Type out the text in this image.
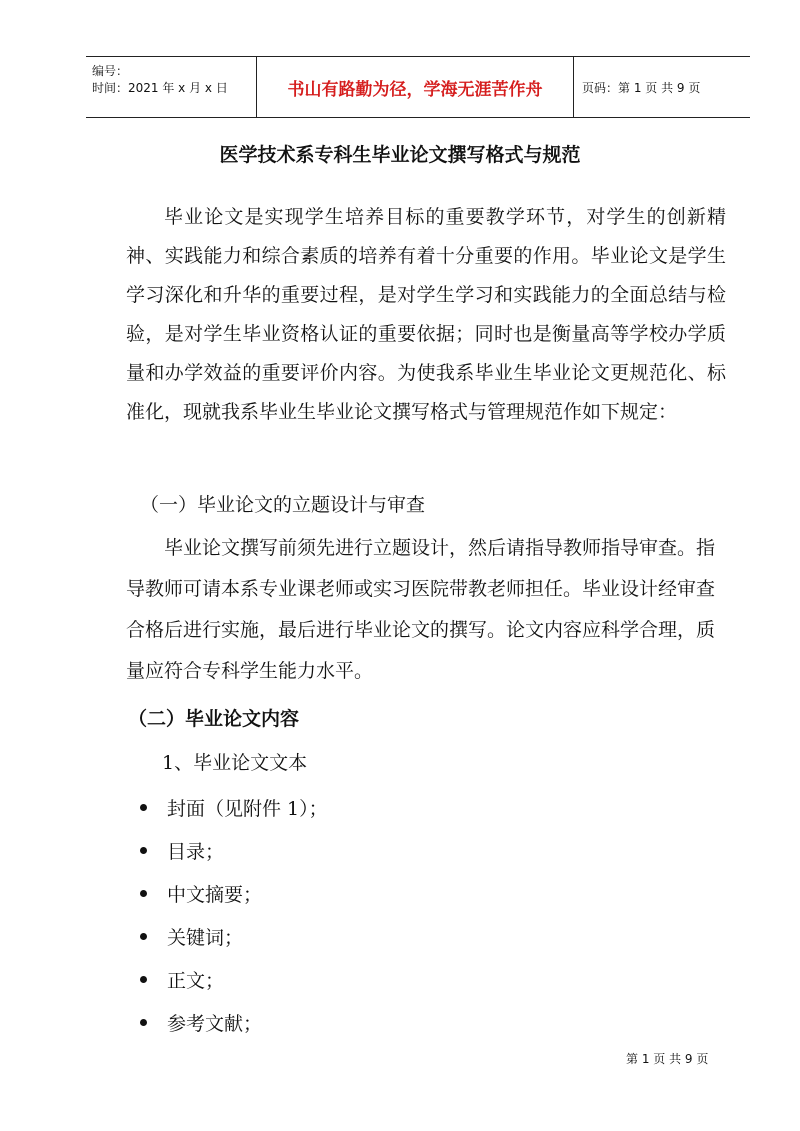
编号：
时间：2021 年 x 月 x 日	书山有路勤为径，学海无涯苦作舟	页码：第 1 页 共 9 页
医学技术系专科生毕业论文撰写格式与规范

毕业论文是实现学生培养目标的重要教学环节，对学生的创新精神、实践能力和综合素质的培养有着十分重要的作用。毕业论文是学生学习深化和升华的重要过程，是对学生学习和实践能力的全面总结与检验，是对学生毕业资格认证的重要依据；同时也是衡量高等学校办学质量和办学效益的重要评价内容。为使我系毕业生毕业论文更规范化、标准化，现就我系毕业生毕业论文撰写格式与管理规范作如下规定：

（一）毕业论文的立题设计与审查

毕业论文撰写前须先进行立题设计，然后请指导教师指导审查。指导教师可请本系专业课老师或实习医院带教老师担任。毕业设计经审查合格后进行实施，最后进行毕业论文的撰写。论文内容应科学合理，质量应符合专科学生能力水平。

（二）毕业论文内容
1、毕业论文文本
封面（见附件 1）；
目录；
中文摘要；
关键词；
正文；
参考文献；
第 1 页 共 9 页
